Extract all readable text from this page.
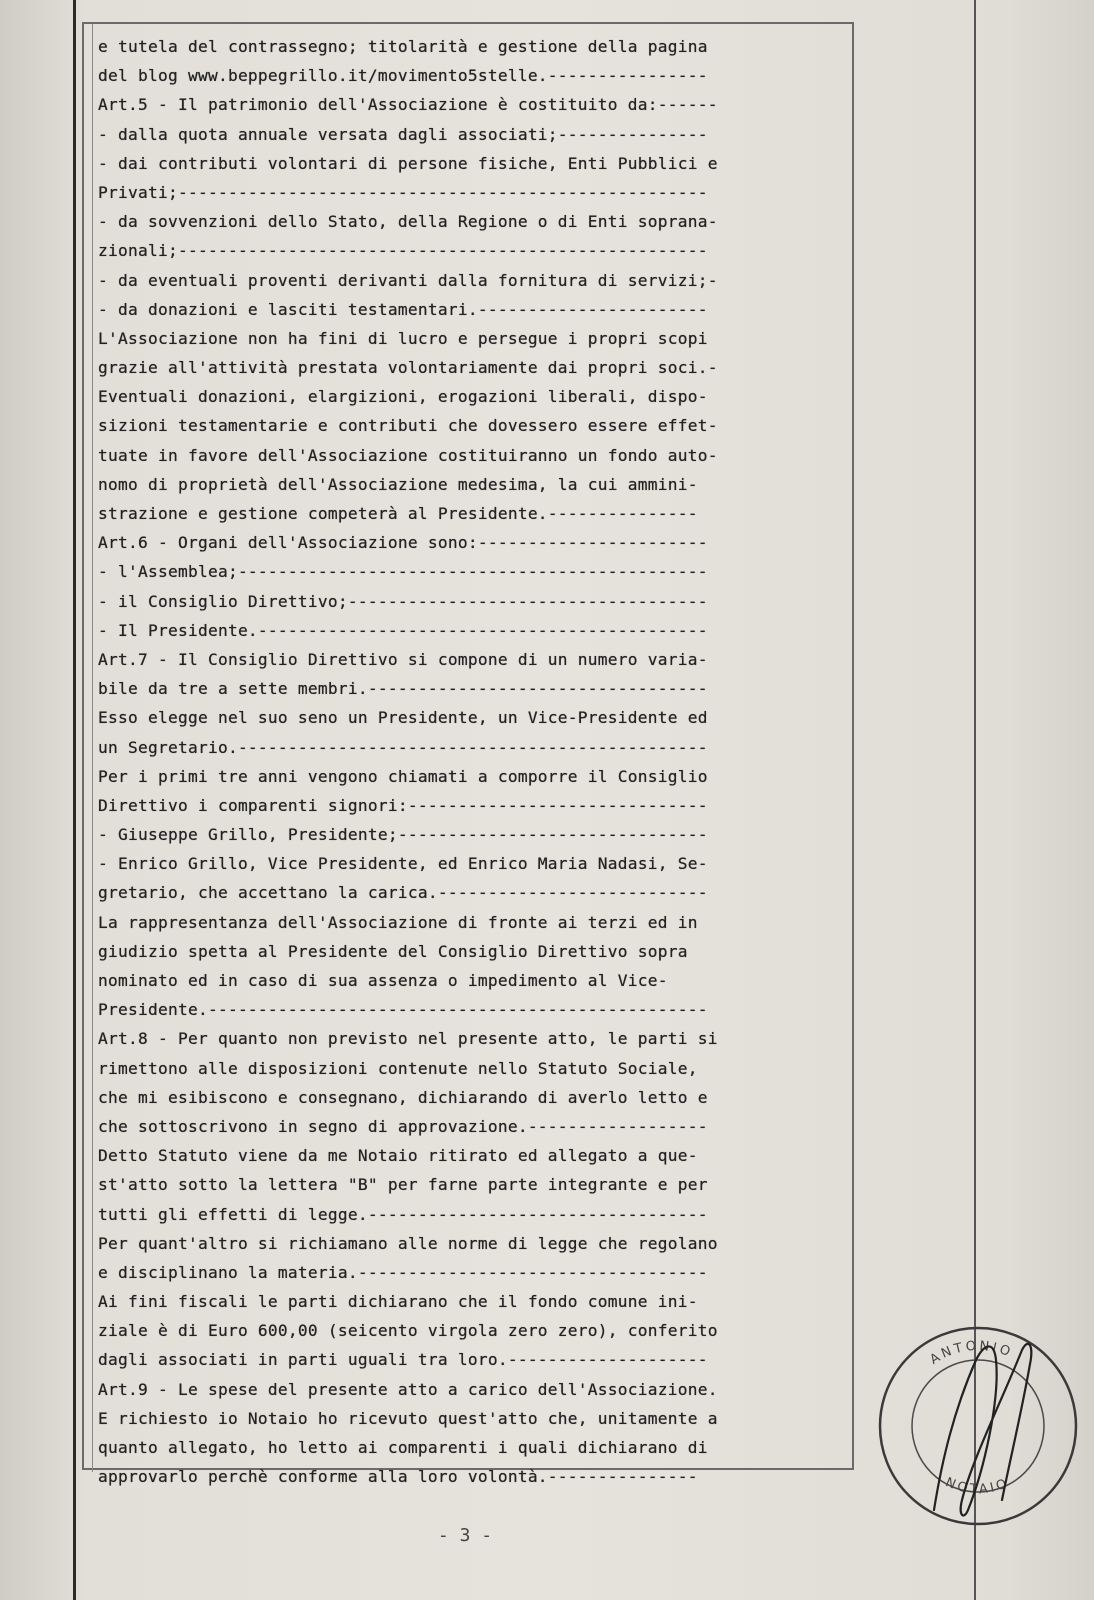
e tutela del contrassegno; titolarità e gestione della pagina
del blog www.beppegrillo.it/movimento5stelle.----------------
Art.5 - Il patrimonio dell'Associazione è costituito da:------
- dalla quota annuale versata dagli associati;---------------
- dai contributi volontari di persone fisiche, Enti Pubblici e
Privati;-----------------------------------------------------
- da sovvenzioni dello Stato, della Regione o di Enti soprana-
zionali;-----------------------------------------------------
- da eventuali proventi derivanti dalla fornitura di servizi;-
- da donazioni e lasciti testamentari.-----------------------
L'Associazione non ha fini di lucro e persegue i propri scopi
grazie all'attività prestata volontariamente dai propri soci.-
Eventuali donazioni, elargizioni, erogazioni liberali, dispo-
sizioni testamentarie e contributi che dovessero essere effet-
tuate in favore dell'Associazione costituiranno un fondo auto-
nomo di proprietà dell'Associazione medesima, la cui ammini-
strazione e gestione competerà al Presidente.---------------
Art.6 - Organi dell'Associazione sono:-----------------------
- l'Assemblea;-----------------------------------------------
- il Consiglio Direttivo;------------------------------------
- Il Presidente.---------------------------------------------
Art.7 - Il Consiglio Direttivo si compone di un numero varia-
bile da tre a sette membri.----------------------------------
Esso elegge nel suo seno un Presidente, un Vice-Presidente ed
un Segretario.-----------------------------------------------
Per i primi tre anni vengono chiamati a comporre il Consiglio
Direttivo i comparenti signori:------------------------------
- Giuseppe Grillo, Presidente;-------------------------------
- Enrico Grillo, Vice Presidente, ed Enrico Maria Nadasi, Se-
gretario, che accettano la carica.---------------------------
La rappresentanza dell'Associazione di fronte ai terzi ed in
giudizio spetta al Presidente del Consiglio Direttivo sopra
nominato ed in caso di sua assenza o impedimento al Vice-
Presidente.--------------------------------------------------
Art.8 - Per quanto non previsto nel presente atto, le parti si
rimettono alle disposizioni contenute nello Statuto Sociale,
che mi esibiscono e consegnano, dichiarando di averlo letto e
che sottoscrivono in segno di approvazione.------------------
Detto Statuto viene da me Notaio ritirato ed allegato a que-
st'atto sotto la lettera "B" per farne parte integrante e per
tutti gli effetti di legge.----------------------------------
Per quant'altro si richiamano alle norme di legge che regolano
e disciplinano la materia.-----------------------------------
Ai fini fiscali le parti dichiarano che il fondo comune ini-
ziale è di Euro 600,00 (seicento virgola zero zero), conferito
dagli associati in parti uguali tra loro.--------------------
Art.9 - Le spese del presente atto a carico dell'Associazione.
E richiesto io Notaio ho ricevuto quest'atto che, unitamente a
quanto allegato, ho letto ai comparenti i quali dichiarano di
approvarlo perchè conforme alla loro volontà.---------------
- 3 -
ANTONIO
NOTAIO
